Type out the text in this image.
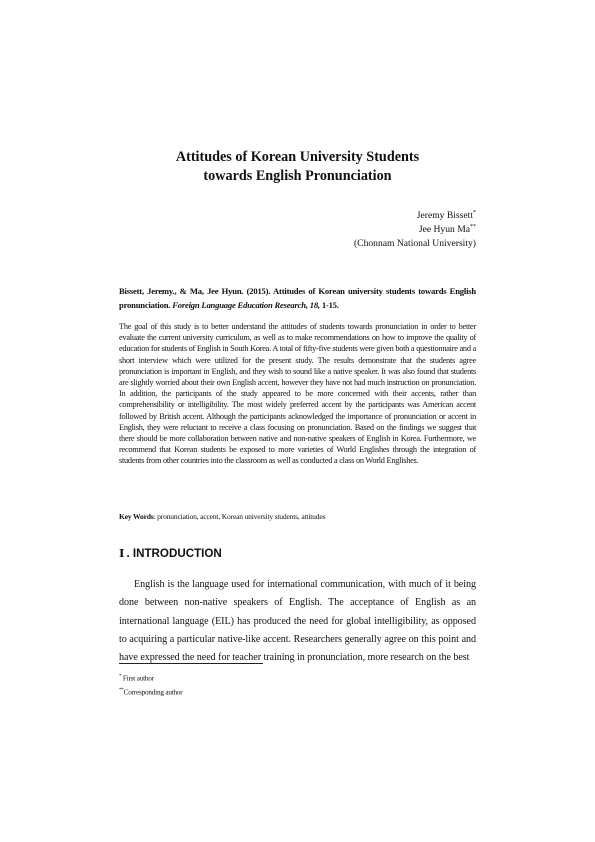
Attitudes of Korean University Students
towards English Pronunciation
Jeremy Bissett*
Jee Hyun Ma**
(Chonnam National University)
Bissett, Jeremy., & Ma, Jee Hyun. (2015). Attitudes of Korean university students towards English pronunciation. Foreign Language Education Research, 18, 1-15.
The goal of this study is to better understand the attitudes of students towards pronunciation in order to better evaluate the current university curriculum, as well as to make recommendations on how to improve the quality of education for students of English in South Korea. A total of fifty-five students were given both a questionnaire and a short interview which were utilized for the present study. The results demonstrate that the students agree pronunciation is important in English, and they wish to sound like a native speaker. It was also found that students are slightly worried about their own English accent, however they have not had much instruction on pronunciation. In addition, the participants of the study appeared to be more concerned with their accents, rather than comprehensibility or intelligibility. The most widely preferred accent by the participants was American accent followed by British accent. Although the participants acknowledged the importance of pronunciation or accent in English, they were reluctant to receive a class focusing on pronunciation. Based on the findings we suggest that there should be more collaboration between native and non-native speakers of English in Korea. Furthermore, we recommend that Korean students be exposed to more varieties of World Englishes through the integration of students from other countries into the classroom as well as conducted a class on World Englishes.
Key Words: pronunciation, accent, Korean university students, attitudes
Ⅰ . INTRODUCTION
English is the language used for international communication, with much of it being done between non-native speakers of English. The acceptance of English as an international language (EIL) has produced the need for global intelligibility, as opposed to acquiring a particular native-like accent. Researchers generally agree on this point and have expressed the need for teacher training in pronunciation, more research on the best
* First author
**Corresponding author
